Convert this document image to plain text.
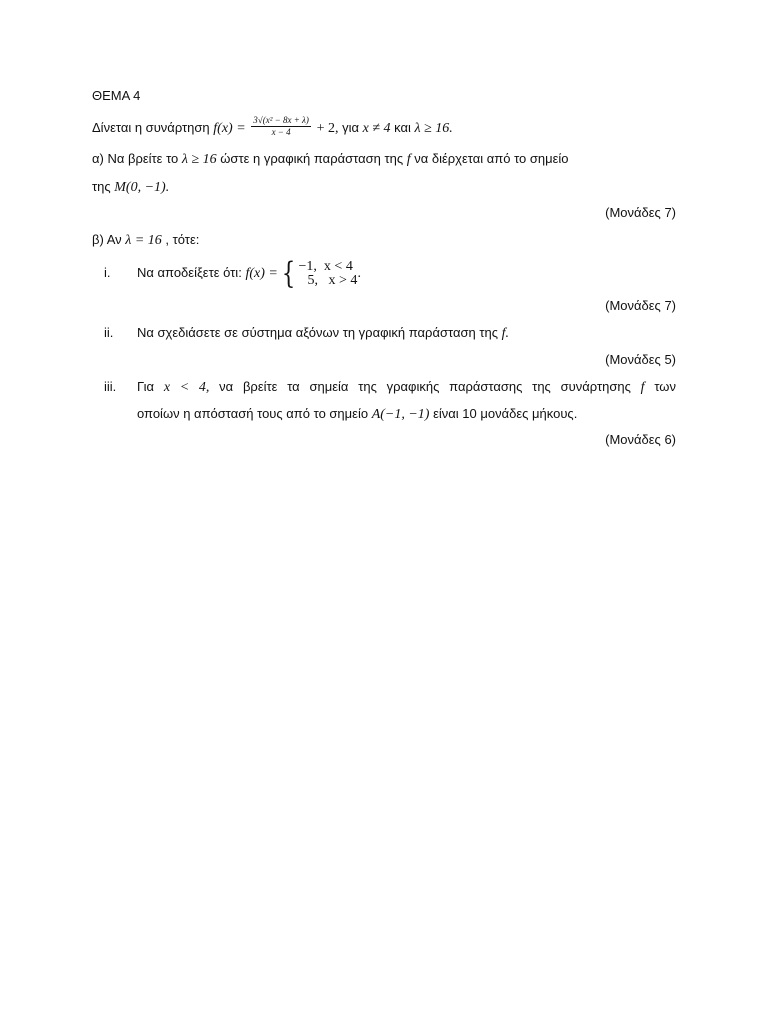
ΘΕΜΑ 4
Δίνεται η συνάρτηση $f(x) = \frac{\text{3√(x² − 8x + λ)}}{x - 4} + 2$, για x ≠ 4 και λ ≥ 16.
α) Να βρείτε το λ ≥ 16 ώστε η γραφική παράσταση της f να διέρχεται από το σημείο
της M(0, −1).
(Μονάδες 7)
β) Αν λ = 16 , τότε:
i.	Να αποδείξετε ότι: f(x) = { −1,  x < 4
5,   x > 4 .
(Μονάδες 7)
ii.	Να σχεδιάσετε σε σύστημα αξόνων τη γραφική παράσταση της f.
(Μονάδες 5)
iii. Για x < 4, να βρείτε τα σημεία της γραφικής παράστασης της συνάρτησης f των
οποίων η απόστασή τους από το σημείο A(−1, −1) είναι 10 μονάδες μήκους.
(Μονάδες 6)
